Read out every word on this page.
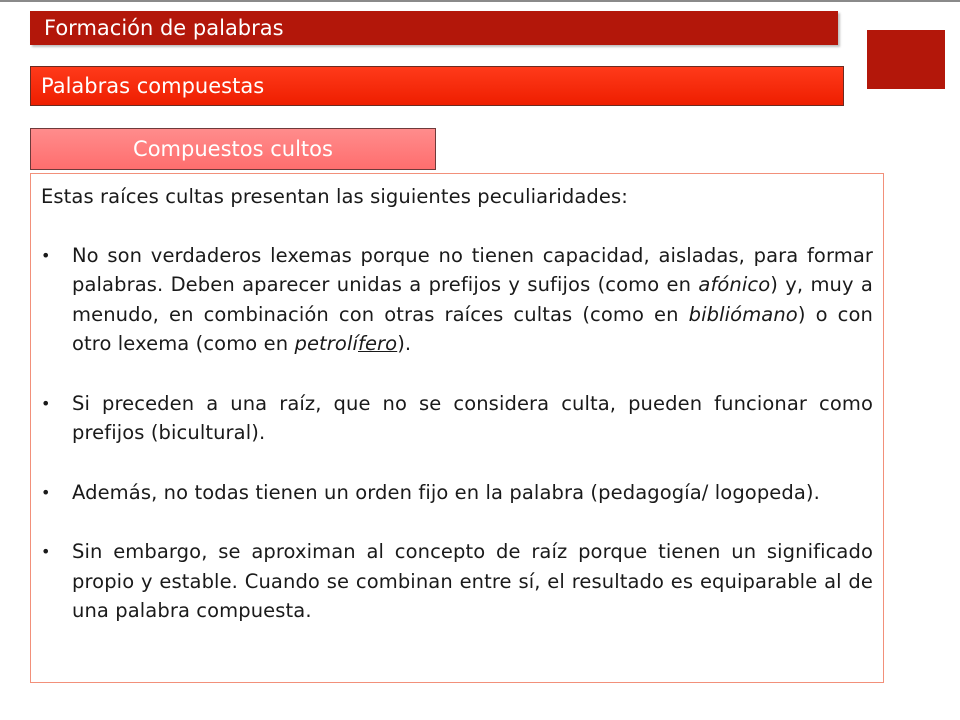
Formación de palabras
Palabras compuestas
Compuestos cultos

Estas raíces cultas presentan las siguientes peculiaridades:

• No son verdaderos lexemas porque no tienen capacidad, aisladas, para formar palabras. Deben aparecer unidas a prefijos y sufijos (como en afónico) y, muy a menudo, en combinación con otras raíces cultas (como en bibliómano) o con otro lexema (como en petrolífero).
• Si preceden a una raíz, que no se considera culta, pueden funcionar como prefijos (bicultural).
• Además, no todas tienen un orden fijo en la palabra (pedagogía/ logopeda).
• Sin embargo, se aproximan al concepto de raíz porque tienen un significado propio y estable. Cuando se combinan entre sí, el resultado es equiparable al de una palabra compuesta.
